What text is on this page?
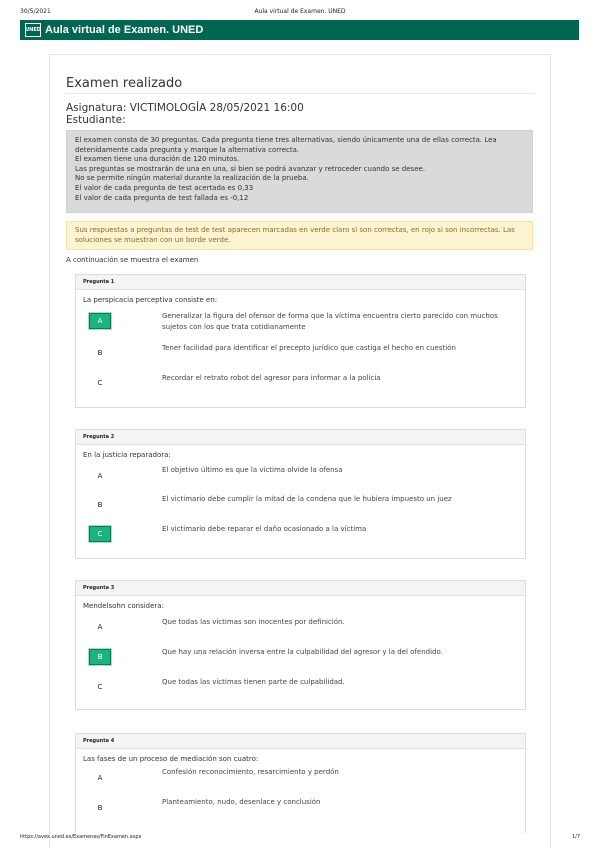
30/5/2021	Aula virtual de Examen. UNED
UNED Aula virtual de Examen. UNED
Examen realizado
Asignatura: VICTIMOLOGÍA 28/05/2021 16:00
Estudiante:
El examen consta de 30 preguntas. Cada pregunta tiene tres alternativas, siendo únicamente una de ellas correcta. Lea
detenidamente cada pregunta y marque la alternativa correcta.
El examen tiene una duración de 120 minutos.
Las preguntas se mostrarán de una en una, si bien se podrá avanzar y retroceder cuando se desee.
No se permite ningún material durante la realización de la prueba.
El valor de cada pregunta de test acertada es 0,33
El valor de cada pregunta de test fallada es -0,12
Sus respuestas a preguntas de test de test aparecen marcadas en verde claro si son correctas, en rojo si son incorrectas. Las
soluciones se muestran con un borde verde.
A continuación se muestra el examen
Pregunta 1
La perspicacia perceptiva consiste en:
A
Generalizar la figura del ofensor de forma que la víctima encuentra cierto parecido con muchos sujetos con los que trata cotidianamente
B
Tener facilidad para identificar el precepto jurídico que castiga el hecho en cuestión
C
Recordar el retrato robot del agresor para informar a la policía
Pregunta 2
En la justicia reparadora:
A
El objetivo último es que la víctima olvide la ofensa
B
El victimario debe cumplir la mitad de la condena que le hubiera impuesto un juez
C
El victimario debe reparar el daño ocasionado a la víctima
Pregunta 3
Mendelsohn considera:
A
Que todas las víctimas son inocentes por definición.
B
Que hay una relación inversa entre la culpabilidad del agresor y la del ofendido.
C
Que todas las víctimas tienen parte de culpabilidad.
Pregunta 4
Las fases de un proceso de mediación son cuatro:
A
Confesión reconocimiento, resarcimiento y perdón
B
Planteamiento, nudo, desenlace y conclusión
https://avex.uned.es/Examenes/FinExamen.aspx	1/7
